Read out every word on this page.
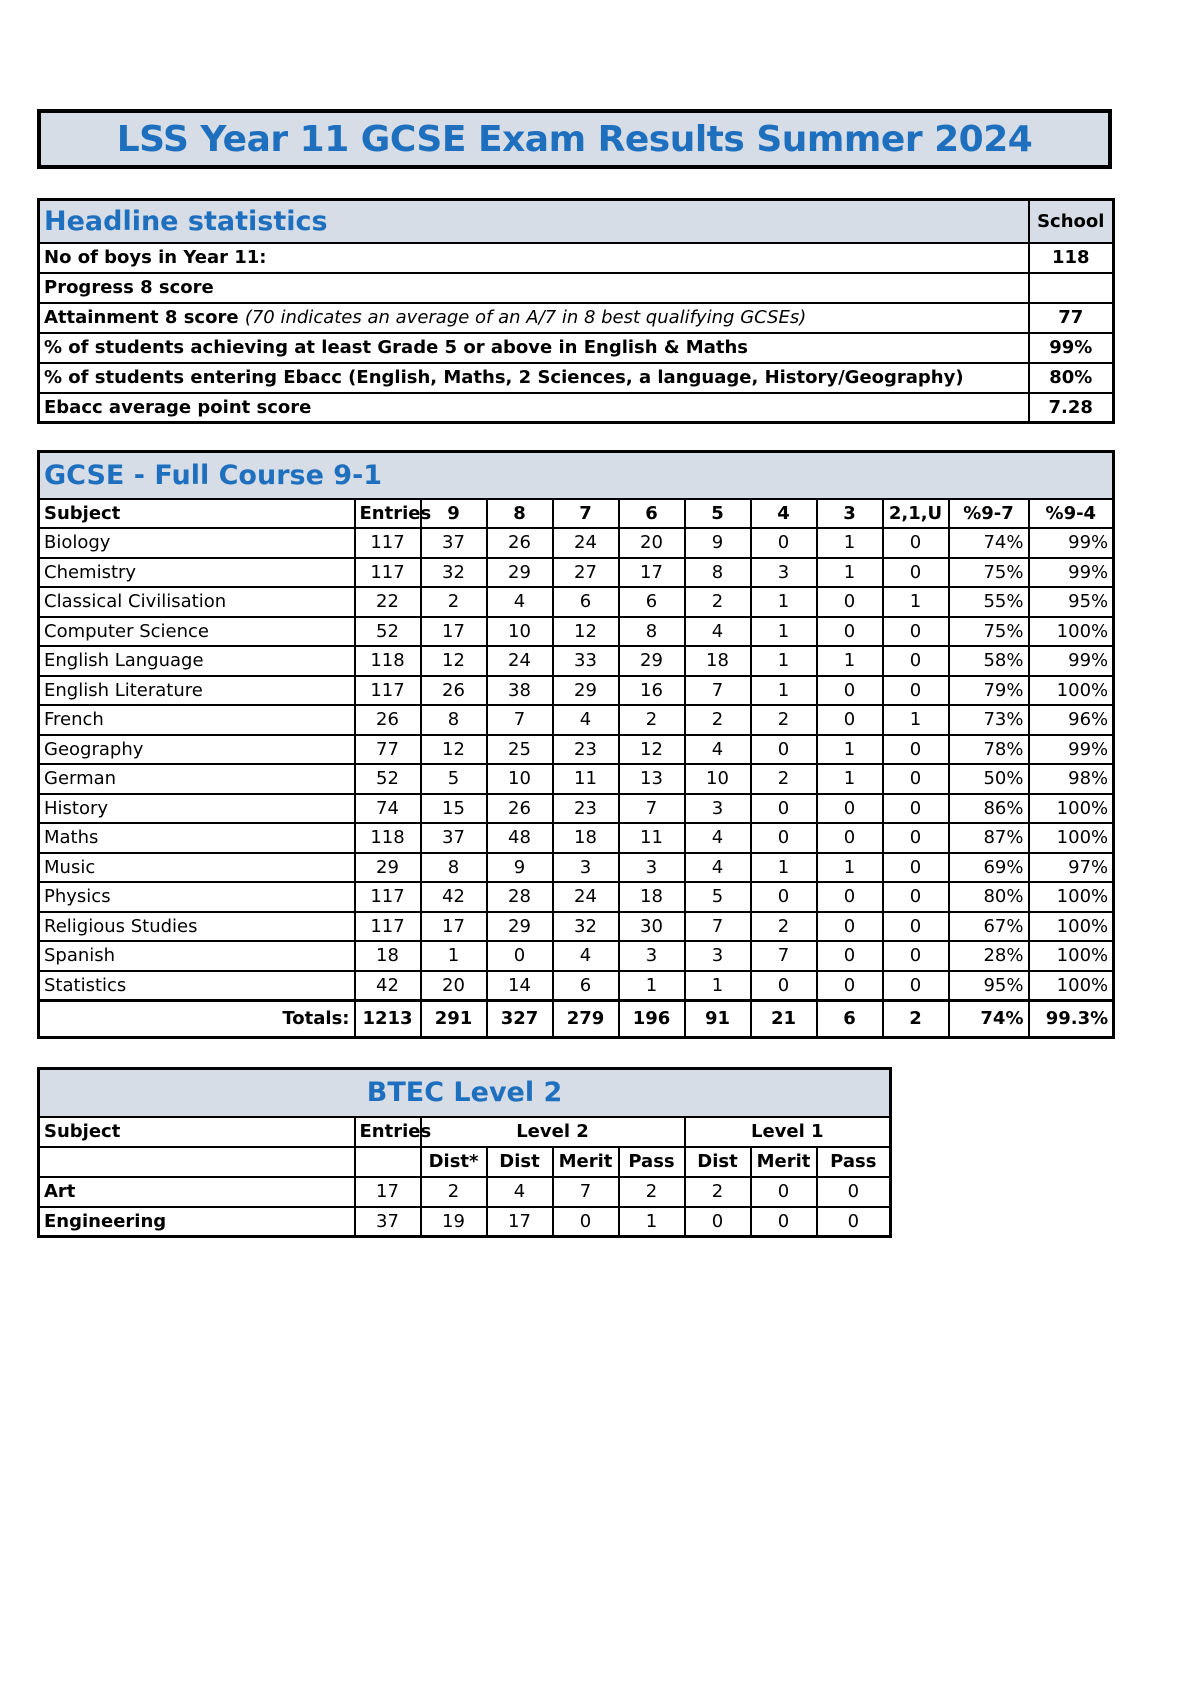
LSS Year 11 GCSE Exam Results Summer 2024
Headline statistics	School
No of boys in Year 11:	118
Progress 8 score	
Attainment 8 score (70 indicates an average of an A/7 in 8 best qualifying GCSEs)	77
% of students achieving at least Grade 5 or above in English & Maths	99%
% of students entering Ebacc (English, Maths, 2 Sciences, a language, History/Geography)	80%
Ebacc average point score	7.28
GCSE - Full Course 9-1											
Subject	Entries	9	8	7	6	5	4	3	2,1,U	%9-7	%9-4
Biology	117	37	26	24	20	9	0	1	0	74%	99%
Chemistry	117	32	29	27	17	8	3	1	0	75%	99%
Classical Civilisation	22	2	4	6	6	2	1	0	1	55%	95%
Computer Science	52	17	10	12	8	4	1	0	0	75%	100%
English Language	118	12	24	33	29	18	1	1	0	58%	99%
English Literature	117	26	38	29	16	7	1	0	0	79%	100%
French	26	8	7	4	2	2	2	0	1	73%	96%
Geography	77	12	25	23	12	4	0	1	0	78%	99%
German	52	5	10	11	13	10	2	1	0	50%	98%
History	74	15	26	23	7	3	0	0	0	86%	100%
Maths	118	37	48	18	11	4	0	0	0	87%	100%
Music	29	8	9	3	3	4	1	1	0	69%	97%
Physics	117	42	28	24	18	5	0	0	0	80%	100%
Religious Studies	117	17	29	32	30	7	2	0	0	67%	100%
Spanish	18	1	0	4	3	3	7	0	0	28%	100%
Statistics	42	20	14	6	1	1	0	0	0	95%	100%
Totals:	1213	291	327	279	196	91	21	6	2	74%	99.3%
BTEC Level 2								
Subject	Entries	Level 2				Level 1		
		Dist*	Dist	Merit	Pass	Dist	Merit	Pass
Art	17	2	4	7	2	2	0	0
Engineering	37	19	17	0	1	0	0	0
